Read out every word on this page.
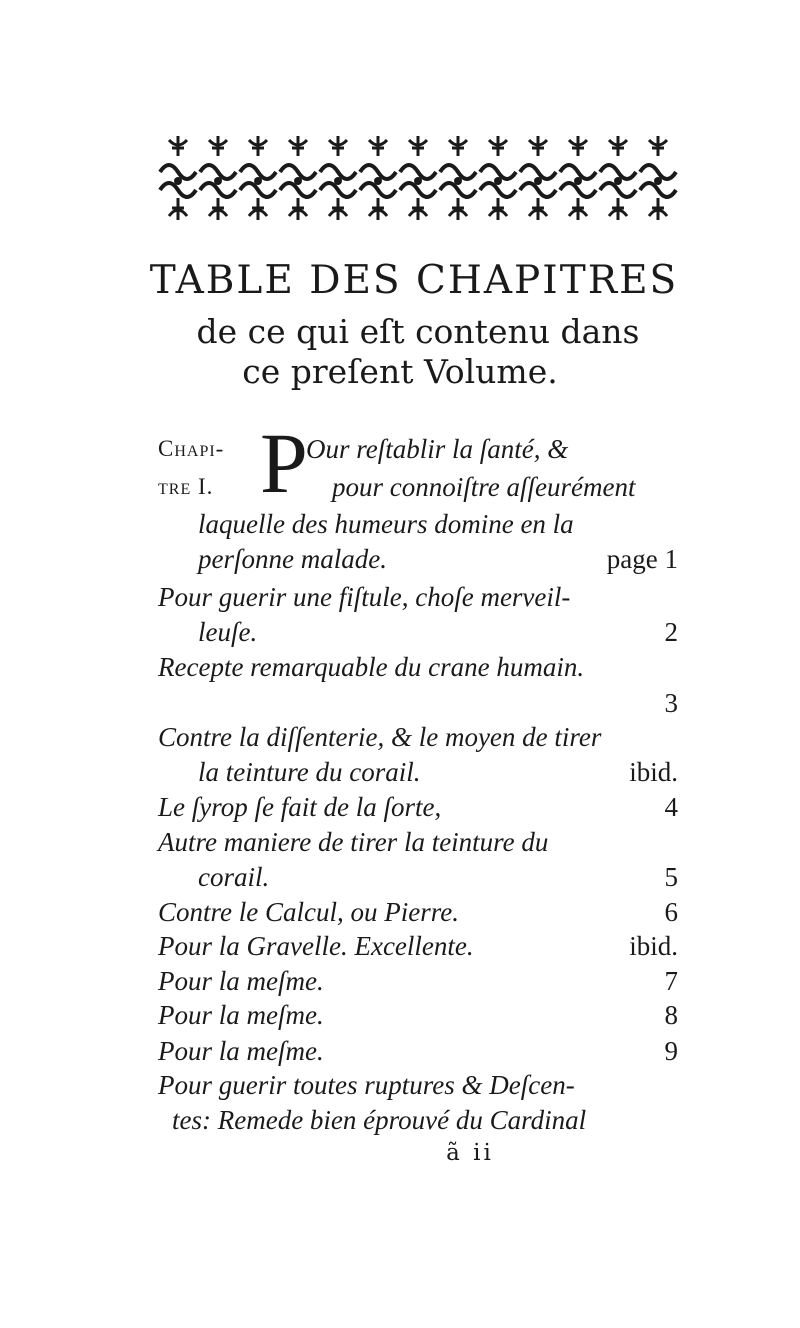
TABLE DES CHAPITRES
de ce qui eſt contenu dans
ce preſent Volume.
Chapi-
tre I. P
Our reſtablir la ſanté, &
pour connoiſtre aſſeurément
laquelle des humeurs domine en la
perſonne malade.	page 1
Pour guerir une fiſtule, choſe merveil-
leuſe.	2
Recepte remarquable du crane humain.
3
Contre la diſſenterie, & le moyen de tirer
la teinture du corail.	ibid.
Le ſyrop ſe fait de la ſorte,	4
Autre maniere de tirer la teinture du
corail.	5
Contre le Calcul, ou Pierre.	6
Pour la Gravelle. Excellente.	ibid.
Pour la meſme.	7
Pour la meſme.	8
Pour la meſme.	9
Pour guerir toutes ruptures & Deſcen-
tes: Remede bien éprouvé du Cardinal
ã ii
